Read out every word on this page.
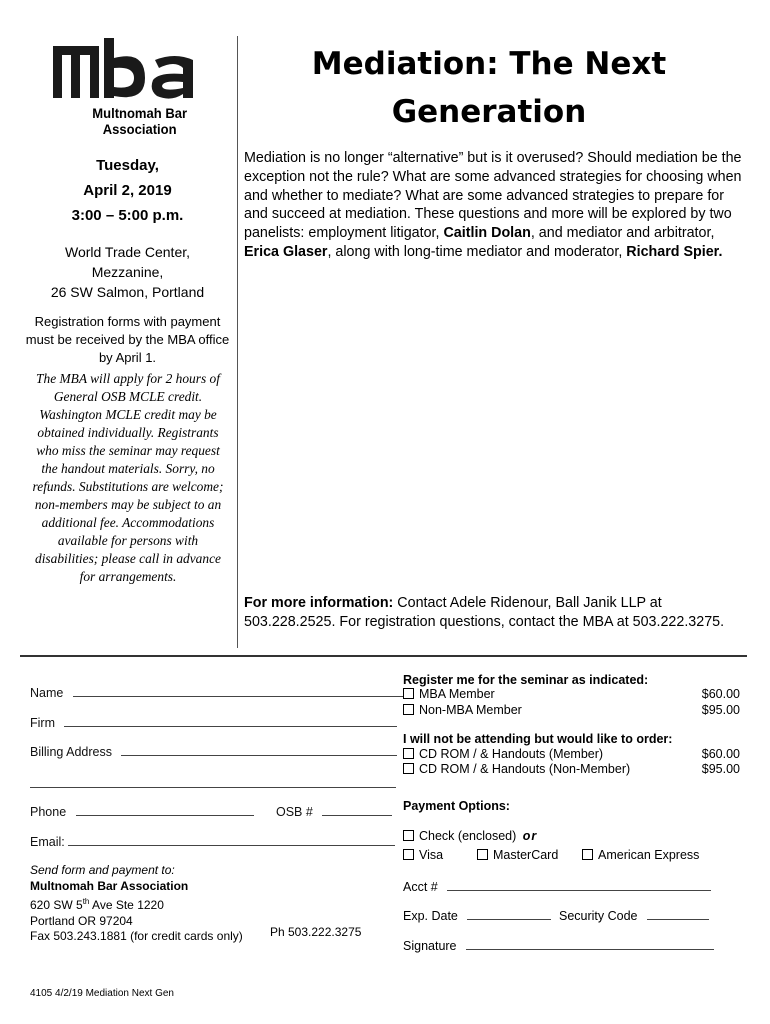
Multnomah Bar
Association
Tuesday,
April 2, 2019
3:00 – 5:00 p.m.
World Trade Center,
Mezzanine,
26 SW Salmon, Portland
Registration forms with payment must be received by the MBA office by April 1.
The MBA will apply for 2 hours of General OSB MCLE credit. Washington MCLE credit may be obtained individually. Registrants who miss the seminar may request the handout materials. Sorry, no refunds. Substitutions are welcome; non-members may be subject to an additional fee. Accommodations available for persons with disabilities; please call in advance for arrangements.
Mediation: The Next
Generation
Mediation is no longer “alternative” but is it overused? Should mediation be the exception not the rule? What are some advanced strategies for choosing when and whether to mediate? What are some advanced strategies to prepare for and succeed at mediation. These questions and more will be explored by two panelists: employment litigator, Caitlin Dolan, and mediator and arbitrator, Erica Glaser, along with long-time mediator and moderator, Richard Spier.
For more information: Contact Adele Ridenour, Ball Janik LLP at 503.228.2525. For registration questions, contact the MBA at 503.222.3275.
Name
Firm
Billing Address
Phone	OSB #
Email:
Send form and payment to:
Multnomah Bar Association
620 SW 5th Ave Ste 1220
Portland OR 97204
Fax 503.243.1881 (for credit cards only) Ph 503.222.3275
Register me for the seminar as indicated:
MBA Member	$60.00
Non-MBA Member	$95.00
I will not be attending but would like to order:
CD ROM / & Handouts (Member)	$60.00
CD ROM / & Handouts (Non-Member)	$95.00
Payment Options:
Check (enclosed) or
Visa	MasterCard	American Express
Acct #
Exp. Date	Security Code
Signature
4105 4/2/19 Mediation Next Gen
